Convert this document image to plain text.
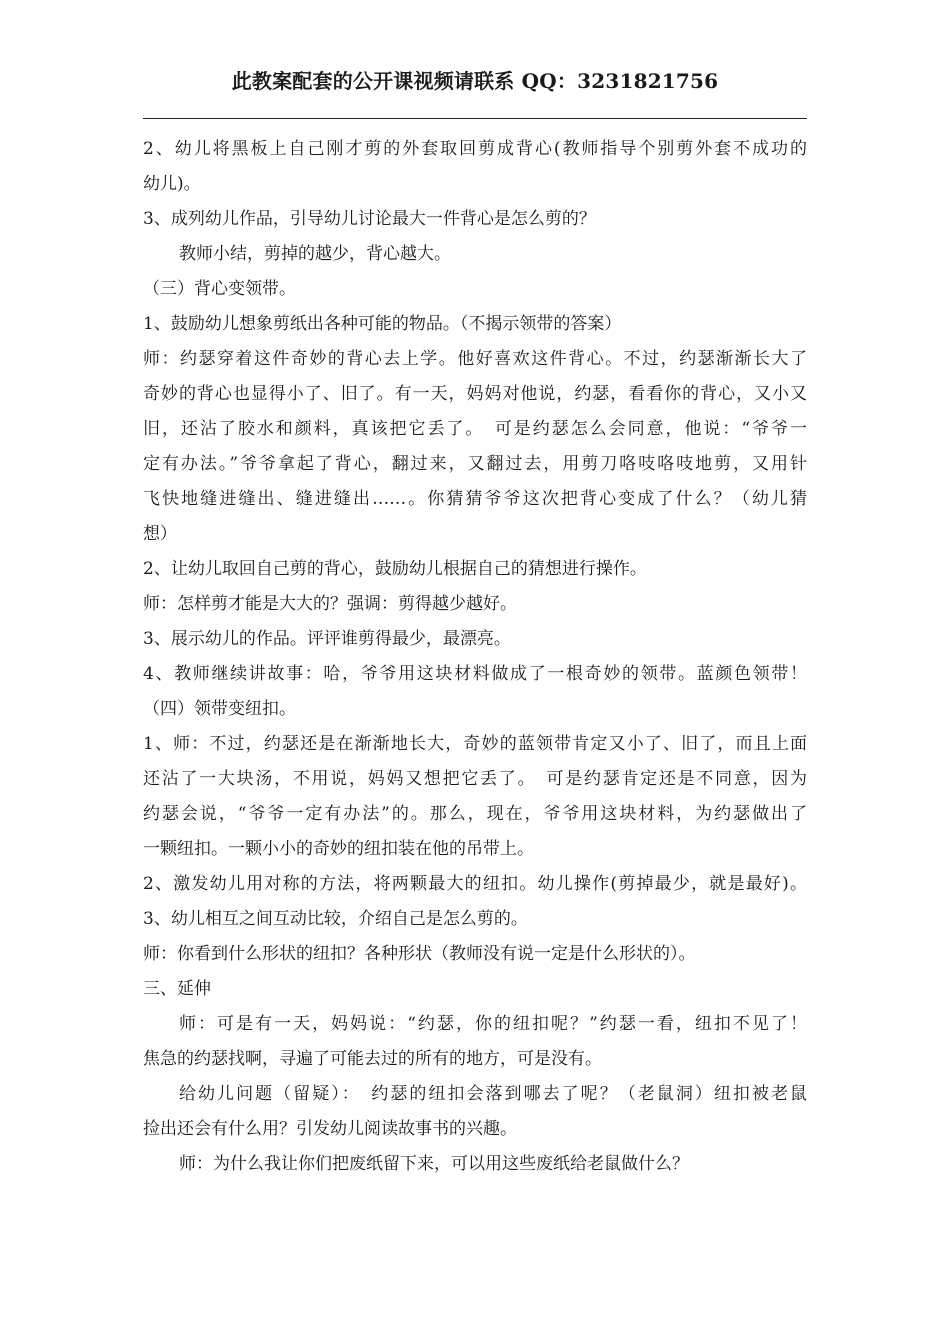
此教案配套的公开课视频请联系 QQ：3231821756
2、幼儿将黑板上自己刚才剪的外套取回剪成背心(教师指导个别剪外套不成功的
幼儿)。
3、成列幼儿作品，引导幼儿讨论最大一件背心是怎么剪的？
教师小结，剪掉的越少，背心越大。
（三）背心变领带。
1、鼓励幼儿想象剪纸出各种可能的物品。（不揭示领带的答案）
师：约瑟穿着这件奇妙的背心去上学。他好喜欢这件背心。不过，约瑟渐渐长大了
奇妙的背心也显得小了、旧了。有一天，妈妈对他说，约瑟，看看你的背心，又小又
旧，还沾了胶水和颜料，真该把它丢了。　可是约瑟怎么会同意，他说：“爷爷一
定有办法。”爷爷拿起了背心，翻过来，又翻过去，用剪刀咯吱咯吱地剪，又用针
飞快地缝进缝出、缝进缝出……。你猜猜爷爷这次把背心变成了什么？（幼儿猜
想）
2、让幼儿取回自己剪的背心，鼓励幼儿根据自己的猜想进行操作。
师：怎样剪才能是大大的？强调：剪得越少越好。
3、展示幼儿的作品。评评谁剪得最少，最漂亮。
4、教师继续讲故事：哈，爷爷用这块材料做成了一根奇妙的领带。蓝颜色领带！
（四）领带变纽扣。
1、师：不过，约瑟还是在渐渐地长大，奇妙的蓝领带肯定又小了、旧了，而且上面
还沾了一大块汤，不用说，妈妈又想把它丢了。　可是约瑟肯定还是不同意，因为
约瑟会说，“爷爷一定有办法”的。那么，现在，爷爷用这块材料，为约瑟做出了
一颗纽扣。一颗小小的奇妙的纽扣装在他的吊带上。
2、激发幼儿用对称的方法，将两颗最大的纽扣。幼儿操作(剪掉最少，就是最好)。
3、幼儿相互之间互动比较，介绍自己是怎么剪的。
师：你看到什么形状的纽扣？各种形状（教师没有说一定是什么形状的）。
三、延伸
师：可是有一天，妈妈说：“约瑟，你的纽扣呢？”约瑟一看，纽扣不见了！
焦急的约瑟找啊，寻遍了可能去过的所有的地方，可是没有。
给幼儿问题（留疑）：　约瑟的纽扣会落到哪去了呢？（老鼠洞）纽扣被老鼠
捡出还会有什么用？引发幼儿阅读故事书的兴趣。
师：为什么我让你们把废纸留下来，可以用这些废纸给老鼠做什么？
